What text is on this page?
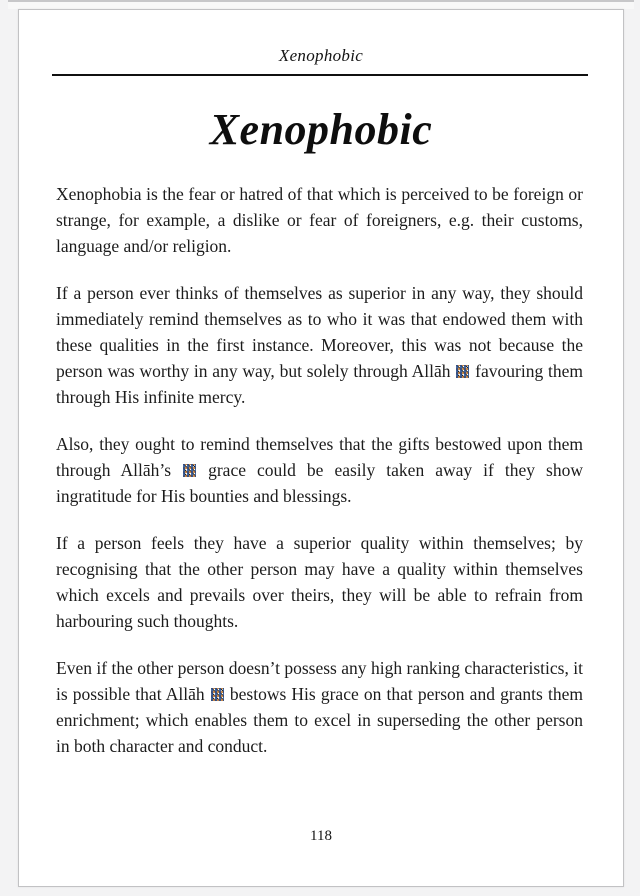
Xenophobic
Xenophobic

Xenophobia is the fear or hatred of that which is perceived to be foreign or strange, for example, a dislike or fear of foreigners, e.g. their customs, language and/or religion.

If a person ever thinks of themselves as superior in any way, they should immediately remind themselves as to who it was that endowed them with these qualities in the first instance. Moreover, this was not because the person was worthy in any way, but solely through Allāh  favouring them through His infinite mercy.

Also, they ought to remind themselves that the gifts bestowed upon them through Allāh’s  grace could be easily taken away if they show ingratitude for His bounties and blessings.

If a person feels they have a superior quality within themselves; by recognising that the other person may have a quality within themselves which excels and prevails over theirs, they will be able to refrain from harbouring such thoughts.

Even if the other person doesn’t possess any high ranking characteristics, it is possible that Allāh  bestows His grace on that person and grants them enrichment; which enables them to excel in superseding the other person in both character and conduct.

118
